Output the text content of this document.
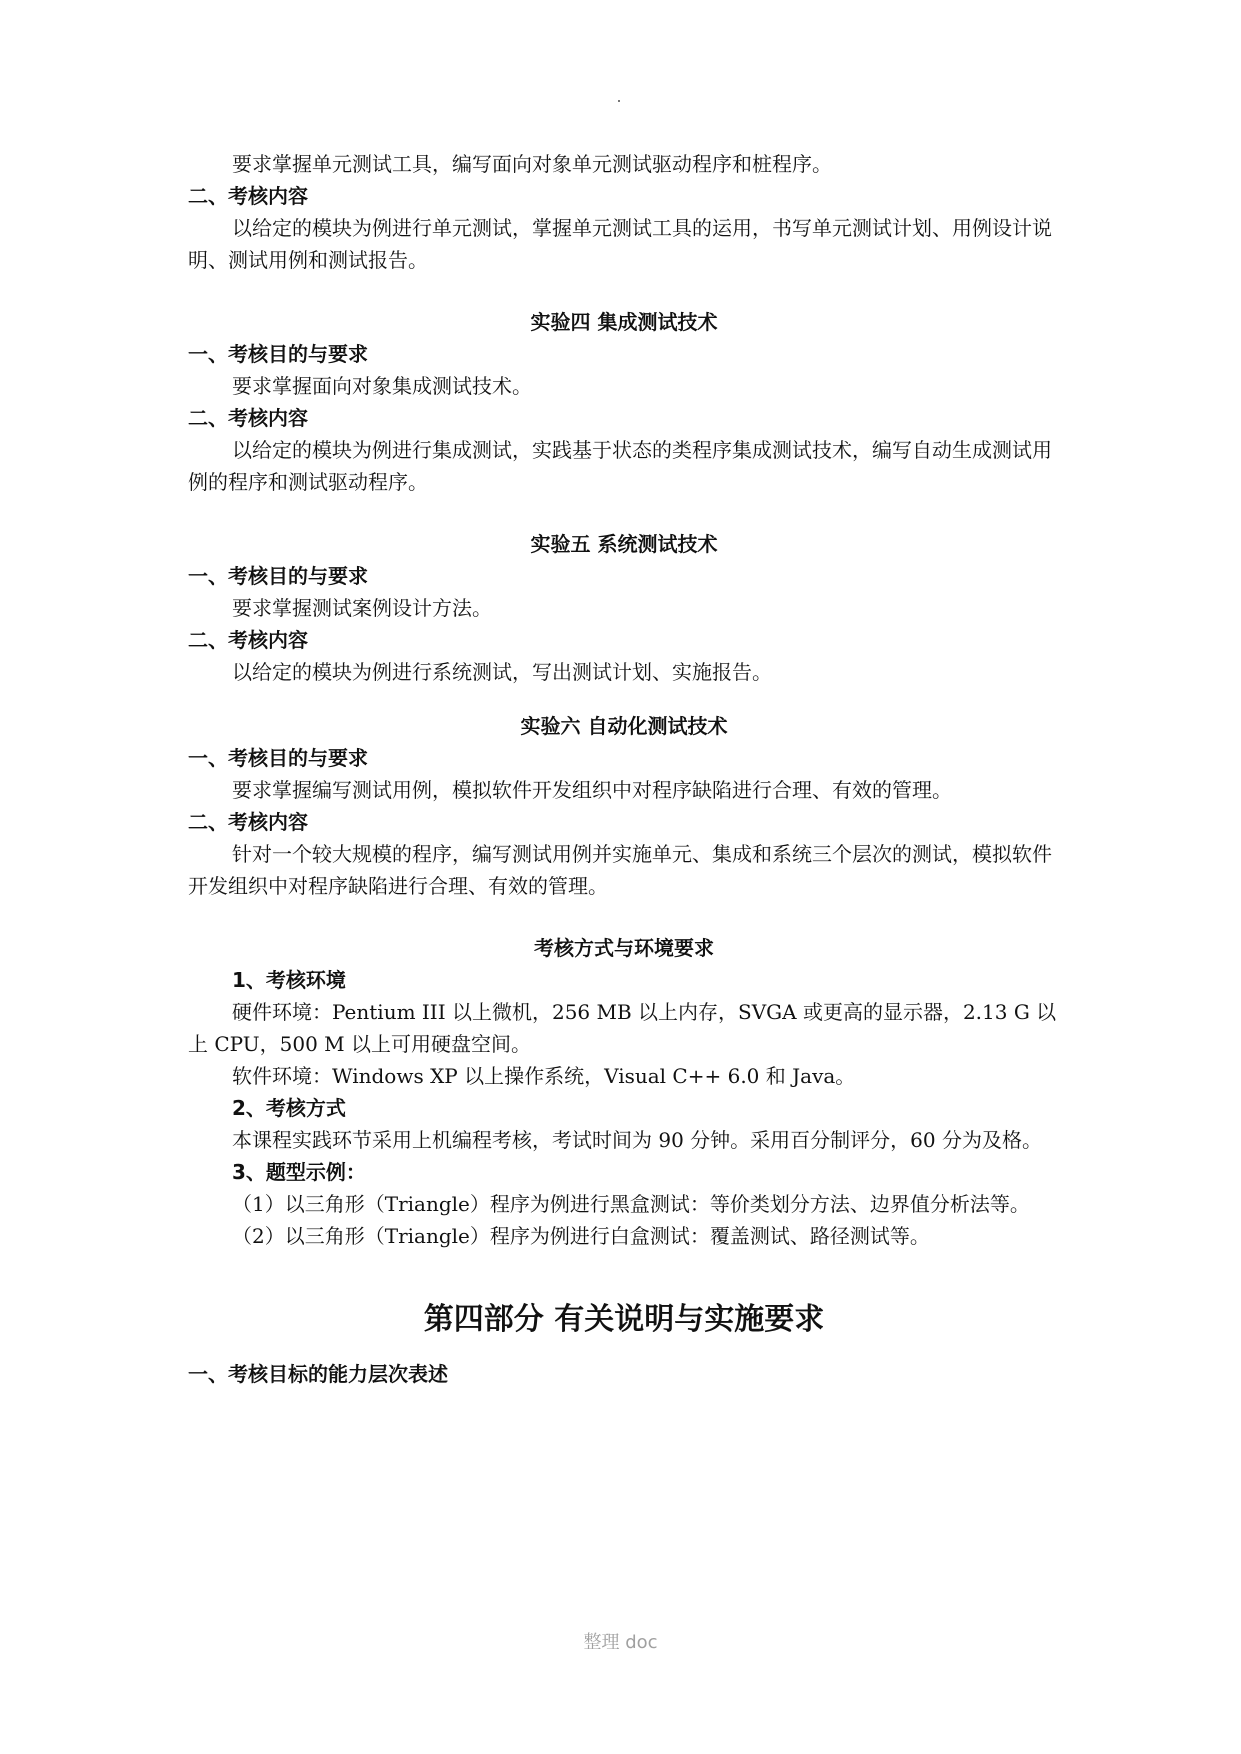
要求掌握单元测试工具，编写面向对象单元测试驱动程序和桩程序。

二、考核内容

以给定的模块为例进行单元测试，掌握单元测试工具的运用，书写单元测试计划、用例设计说明、测试用例和测试报告。

实验四 集成测试技术

一、考核目的与要求

要求掌握面向对象集成测试技术。

二、考核内容

以给定的模块为例进行集成测试，实践基于状态的类程序集成测试技术，编写自动生成测试用例的程序和测试驱动程序。

实验五 系统测试技术

一、考核目的与要求

要求掌握测试案例设计方法。

二、考核内容

以给定的模块为例进行系统测试，写出测试计划、实施报告。

实验六 自动化测试技术

一、考核目的与要求

要求掌握编写测试用例，模拟软件开发组织中对程序缺陷进行合理、有效的管理。

二、考核内容

针对一个较大规模的程序，编写测试用例并实施单元、集成和系统三个层次的测试，模拟软件开发组织中对程序缺陷进行合理、有效的管理。

考核方式与环境要求

1、考核环境

硬件环境：Pentium III 以上微机，256 MB 以上内存，SVGA 或更高的显示器，2.13 G 以上 CPU，500 M 以上可用硬盘空间。

软件环境：Windows XP 以上操作系统，Visual C++ 6.0 和 Java。

2、考核方式

本课程实践环节采用上机编程考核，考试时间为 90 分钟。采用百分制评分，60 分为及格。

3、题型示例：

（1）以三角形（Triangle）程序为例进行黑盒测试：等价类划分方法、边界值分析法等。

（2）以三角形（Triangle）程序为例进行白盒测试：覆盖测试、路径测试等。

第四部分 有关说明与实施要求

一、考核目标的能力层次表述

整理 doc
